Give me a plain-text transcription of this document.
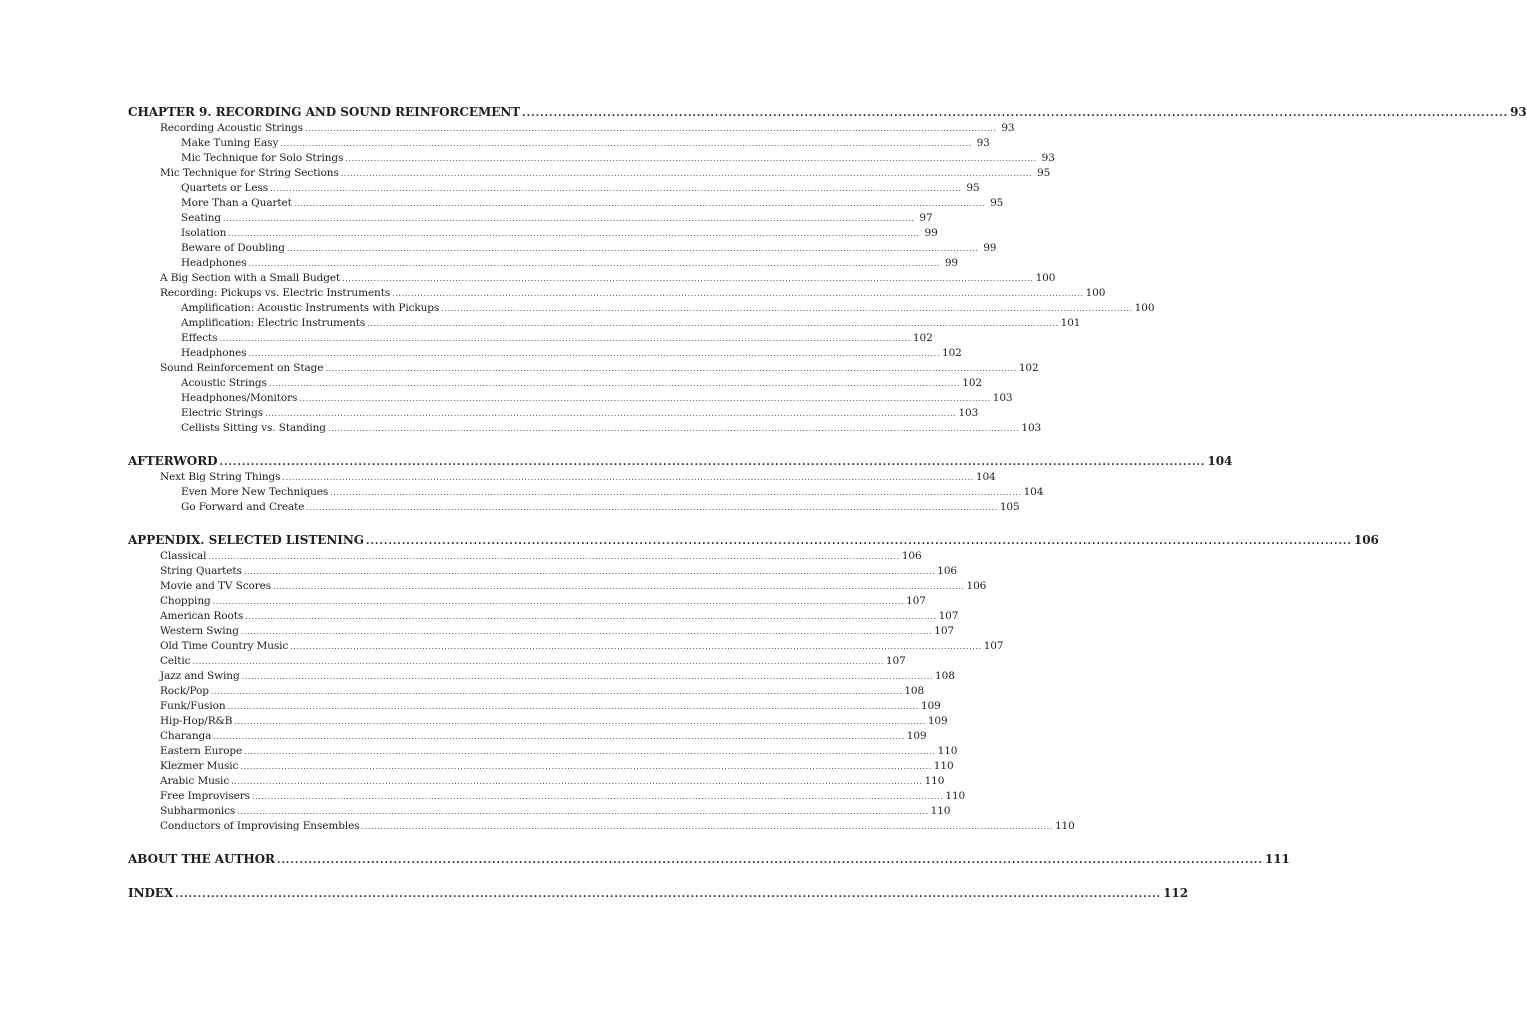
CHAPTER 9. RECORDING AND SOUND REINFORCEMENT ............................................................................................................................................................................................................................ 93
Recording Acoustic Strings ............................................................................................................................................................................................................................ 93
Make Tuning Easy ............................................................................................................................................................................................................................ 93
Mic Technique for Solo Strings ............................................................................................................................................................................................................................ 93
Mic Technique for String Sections ............................................................................................................................................................................................................................ 95
Quartets or Less ............................................................................................................................................................................................................................ 95
More Than a Quartet ............................................................................................................................................................................................................................ 95
Seating ............................................................................................................................................................................................................................ 97
Isolation ............................................................................................................................................................................................................................ 99
Beware of Doubling ............................................................................................................................................................................................................................ 99
Headphones ............................................................................................................................................................................................................................ 99
A Big Section with a Small Budget ............................................................................................................................................................................................................................ 100
Recording: Pickups vs. Electric Instruments ............................................................................................................................................................................................................................ 100
Amplification: Acoustic Instruments with Pickups ............................................................................................................................................................................................................................ 100
Amplification: Electric Instruments ............................................................................................................................................................................................................................ 101
Effects ............................................................................................................................................................................................................................ 102
Headphones ............................................................................................................................................................................................................................ 102
Sound Reinforcement on Stage ............................................................................................................................................................................................................................ 102
Acoustic Strings ............................................................................................................................................................................................................................ 102
Headphones/Monitors ............................................................................................................................................................................................................................ 103
Electric Strings ............................................................................................................................................................................................................................ 103
Cellists Sitting vs. Standing ............................................................................................................................................................................................................................ 103
AFTERWORD ............................................................................................................................................................................................................................ 104
Next Big String Things ............................................................................................................................................................................................................................ 104
Even More New Techniques ............................................................................................................................................................................................................................ 104
Go Forward and Create ............................................................................................................................................................................................................................ 105
APPENDIX. SELECTED LISTENING ............................................................................................................................................................................................................................ 106
Classical ............................................................................................................................................................................................................................ 106
String Quartets ............................................................................................................................................................................................................................ 106
Movie and TV Scores ............................................................................................................................................................................................................................ 106
Chopping ............................................................................................................................................................................................................................ 107
American Roots ............................................................................................................................................................................................................................ 107
Western Swing ............................................................................................................................................................................................................................ 107
Old Time Country Music ............................................................................................................................................................................................................................ 107
Celtic ............................................................................................................................................................................................................................ 107
Jazz and Swing ............................................................................................................................................................................................................................ 108
Rock/Pop ............................................................................................................................................................................................................................ 108
Funk/Fusion ............................................................................................................................................................................................................................ 109
Hip-Hop/R&B ............................................................................................................................................................................................................................ 109
Charanga ............................................................................................................................................................................................................................ 109
Eastern Europe ............................................................................................................................................................................................................................ 110
Klezmer Music ............................................................................................................................................................................................................................ 110
Arabic Music ............................................................................................................................................................................................................................ 110
Free Improvisers ............................................................................................................................................................................................................................ 110
Subharmonics ............................................................................................................................................................................................................................ 110
Conductors of Improvising Ensembles ............................................................................................................................................................................................................................ 110
ABOUT THE AUTHOR ............................................................................................................................................................................................................................ 111
INDEX ............................................................................................................................................................................................................................ 112
